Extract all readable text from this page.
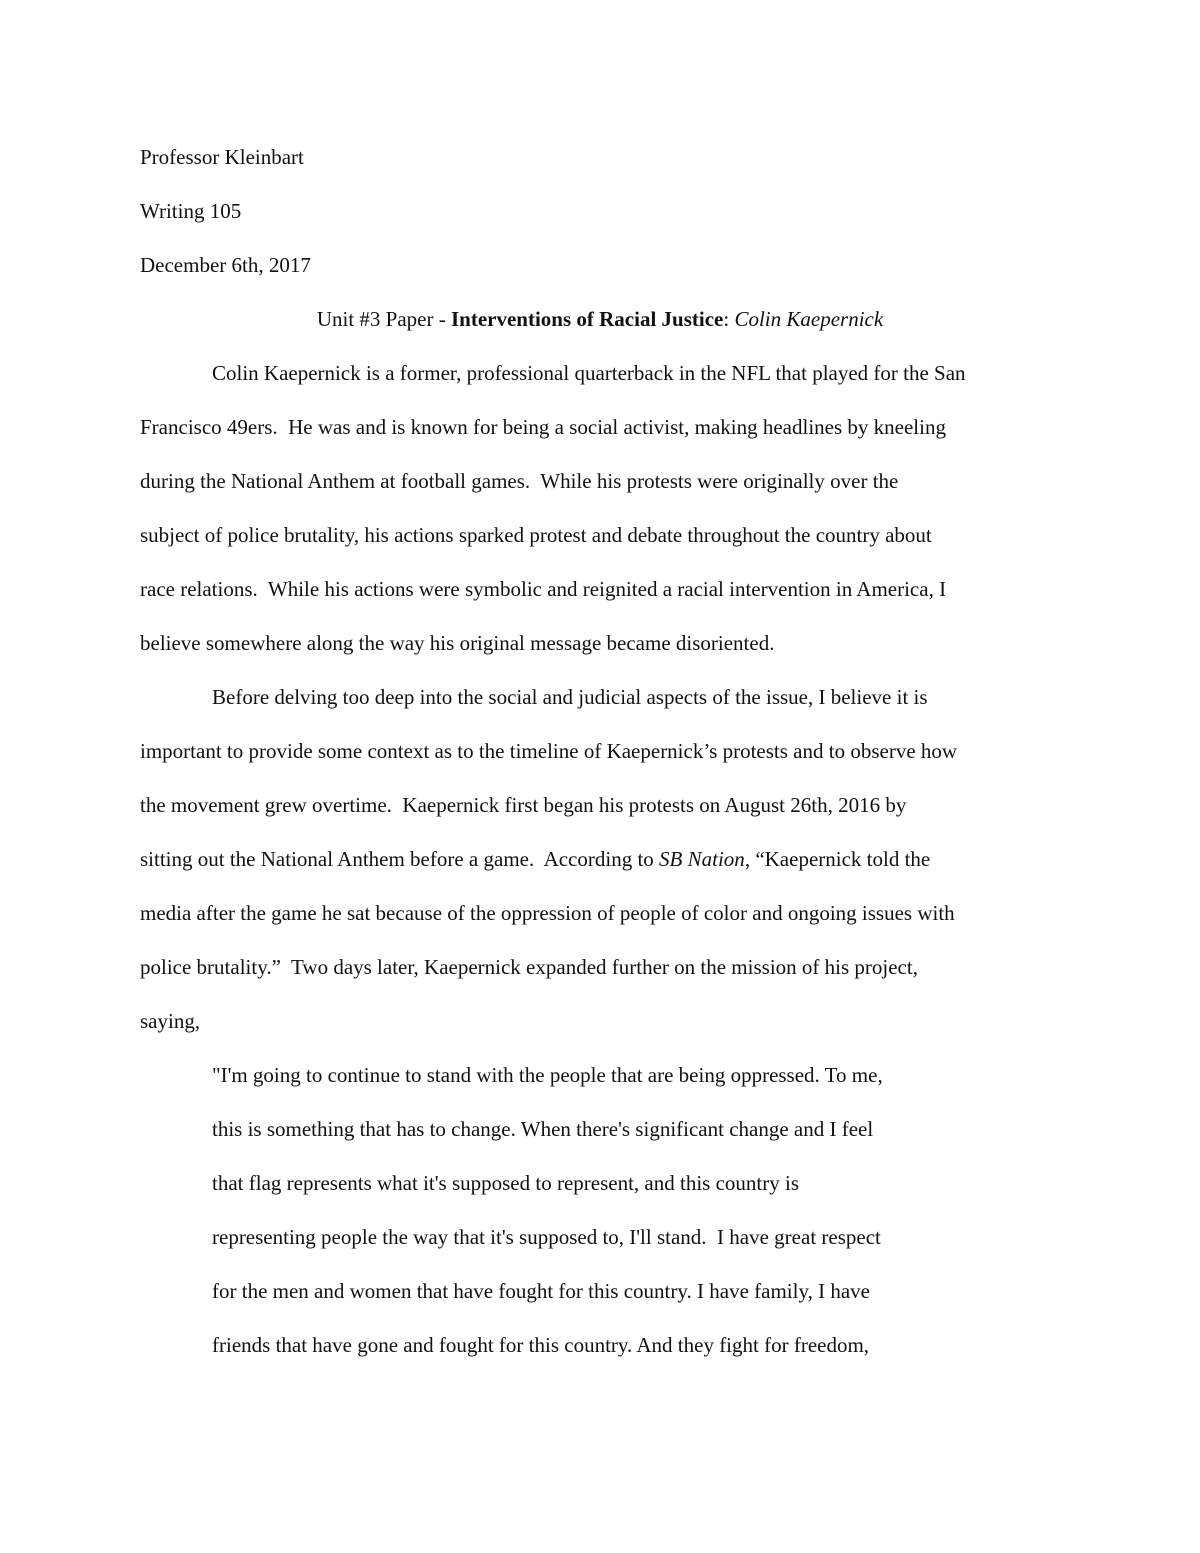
Professor Kleinbart
Writing 105
December 6th, 2017
Unit #3 Paper - Interventions of Racial Justice: Colin Kaepernick
Colin Kaepernick is a former, professional quarterback in the NFL that played for the San
Francisco 49ers.  He was and is known for being a social activist, making headlines by kneeling
during the National Anthem at football games.  While his protests were originally over the
subject of police brutality, his actions sparked protest and debate throughout the country about
race relations.  While his actions were symbolic and reignited a racial intervention in America, I
believe somewhere along the way his original message became disoriented.
Before delving too deep into the social and judicial aspects of the issue, I believe it is
important to provide some context as to the timeline of Kaepernick’s protests and to observe how
the movement grew overtime.  Kaepernick first began his protests on August 26th, 2016 by
sitting out the National Anthem before a game.  According to SB Nation, “Kaepernick told the
media after the game he sat because of the oppression of people of color and ongoing issues with
police brutality.”  Two days later, Kaepernick expanded further on the mission of his project,
saying,
"I'm going to continue to stand with the people that are being oppressed. To me,
this is something that has to change. When there's significant change and I feel
that flag represents what it's supposed to represent, and this country is
representing people the way that it's supposed to, I'll stand.  I have great respect
for the men and women that have fought for this country. I have family, I have
friends that have gone and fought for this country. And they fight for freedom,
